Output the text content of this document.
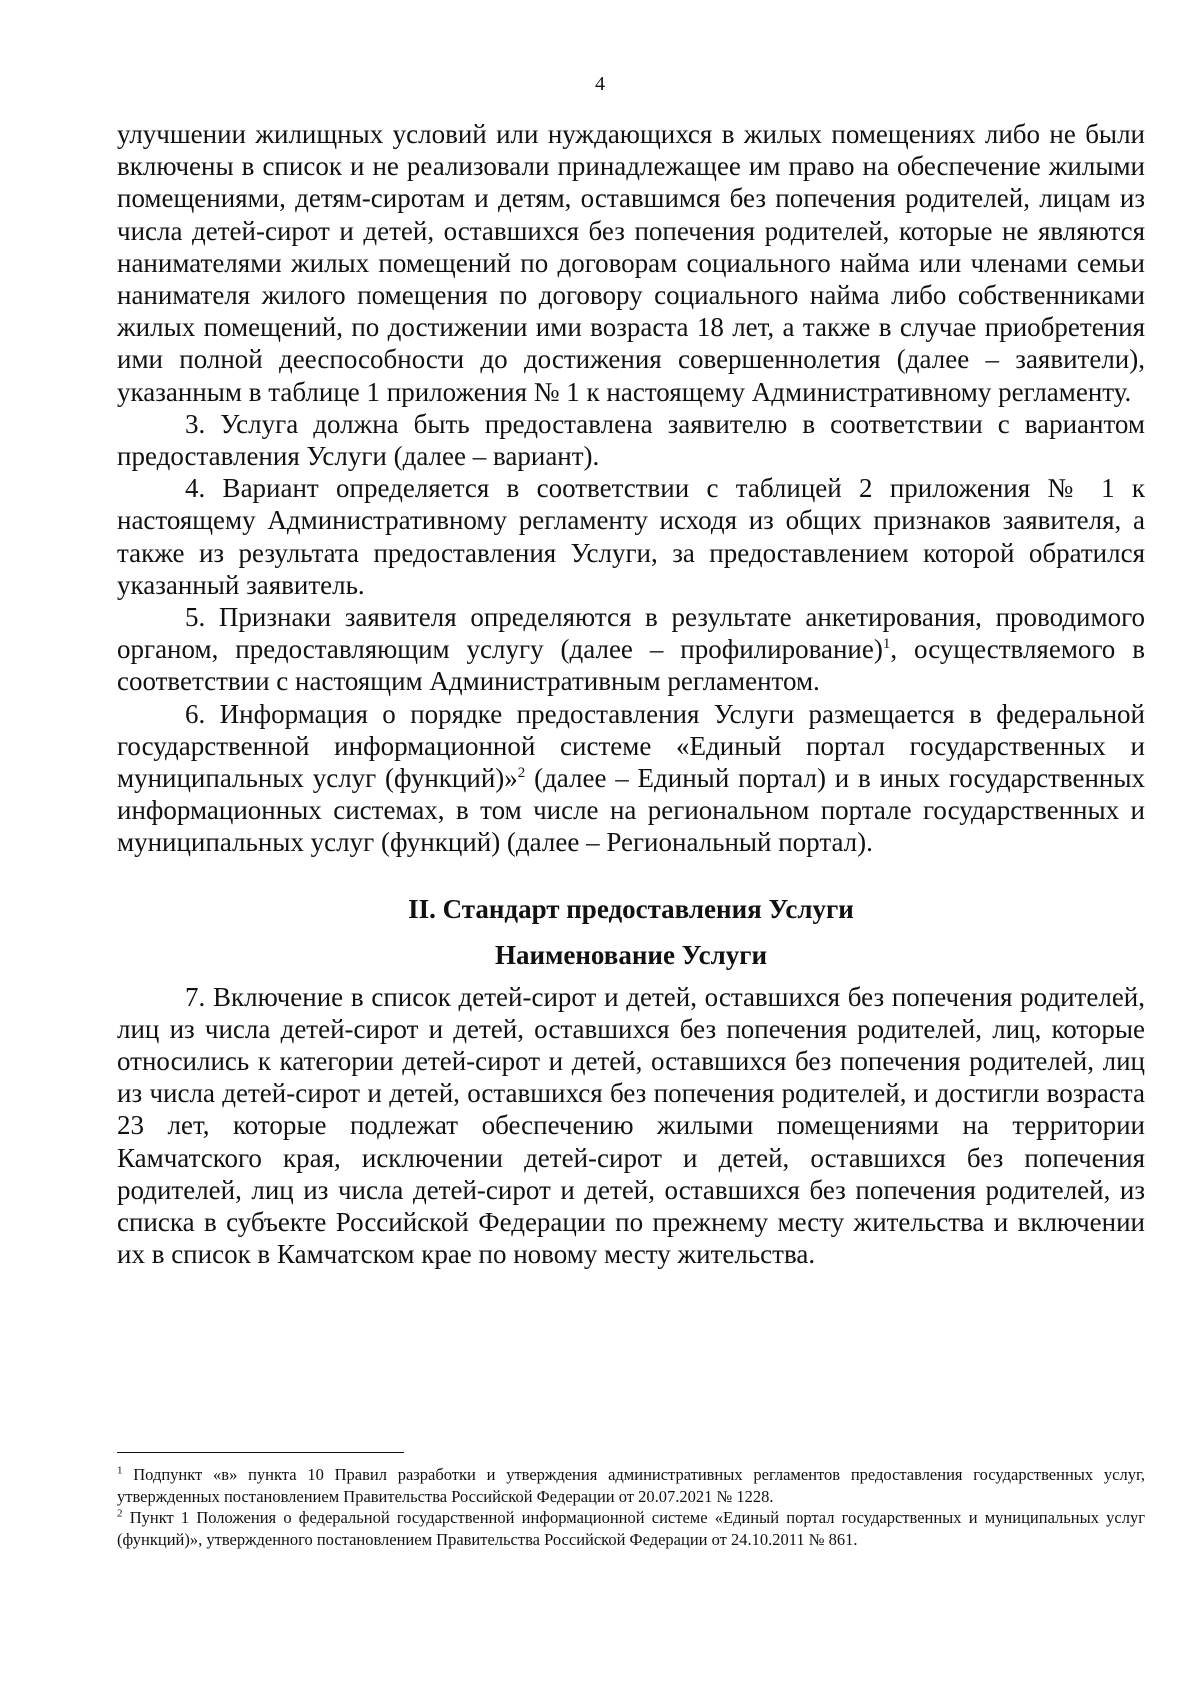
4

улучшении жилищных условий или нуждающихся в жилых помещениях либо не были включены в список и не реализовали принадлежащее им право на обеспечение жилыми помещениями, детям-сиротам и детям, оставшимся без попечения родителей, лицам из числа детей-сирот и детей, оставшихся без попечения родителей, которые не являются нанимателями жилых помещений по договорам социального найма или членами семьи нанимателя жилого помещения по договору социального найма либо собственниками жилых помещений, по достижении ими возраста 18 лет, а также в случае приобретения ими полной дееспособности до достижения совершеннолетия (далее – заявители), указанным в таблице 1 приложения № 1 к настоящему Административному регламенту.

3. Услуга должна быть предоставлена заявителю в соответствии с вариантом предоставления Услуги (далее – вариант).

4. Вариант определяется в соответствии с таблицей 2 приложения № 1 к настоящему Административному регламенту исходя из общих признаков заявителя, а также из результата предоставления Услуги, за предоставлением которой обратился указанный заявитель.

5. Признаки заявителя определяются в результате анкетирования, проводимого органом, предоставляющим услугу (далее – профилирование)$^1$, осуществляемого в соответствии с настоящим Административным регламентом.

6. Информация о порядке предоставления Услуги размещается в федеральной государственной информационной системе «Единый портал государственных и муниципальных услуг (функций)»$^2$ (далее – Единый портал) и в иных государственных информационных системах, в том числе на региональном портале государственных и муниципальных услуг (функций) (далее – Региональный портал).

II. Стандарт предоставления Услуги
Наименование Услуги

7. Включение в список детей-сирот и детей, оставшихся без попечения родителей, лиц из числа детей-сирот и детей, оставшихся без попечения родителей, лиц, которые относились к категории детей-сирот и детей, оставшихся без попечения родителей, лиц из числа детей-сирот и детей, оставшихся без попечения родителей, и достигли возраста 23 лет, которые подлежат обеспечению жилыми помещениями на территории Камчатского края, исключении детей-сирот и детей, оставшихся без попечения родителей, лиц из числа детей-сирот и детей, оставшихся без попечения родителей, из списка в субъекте Российской Федерации по прежнему месту жительства и включении их в список в Камчатском крае по новому месту жительства.

$^1$ Подпункт «в» пункта 10 Правил разработки и утверждения административных регламентов предоставления государственных услуг, утвержденных постановлением Правительства Российской Федерации от 20.07.2021 № 1228.

$^2$ Пункт 1 Положения о федеральной государственной информационной системе «Единый портал государственных и муниципальных услуг (функций)», утвержденного постановлением Правительства Российской Федерации от 24.10.2011 № 861.
